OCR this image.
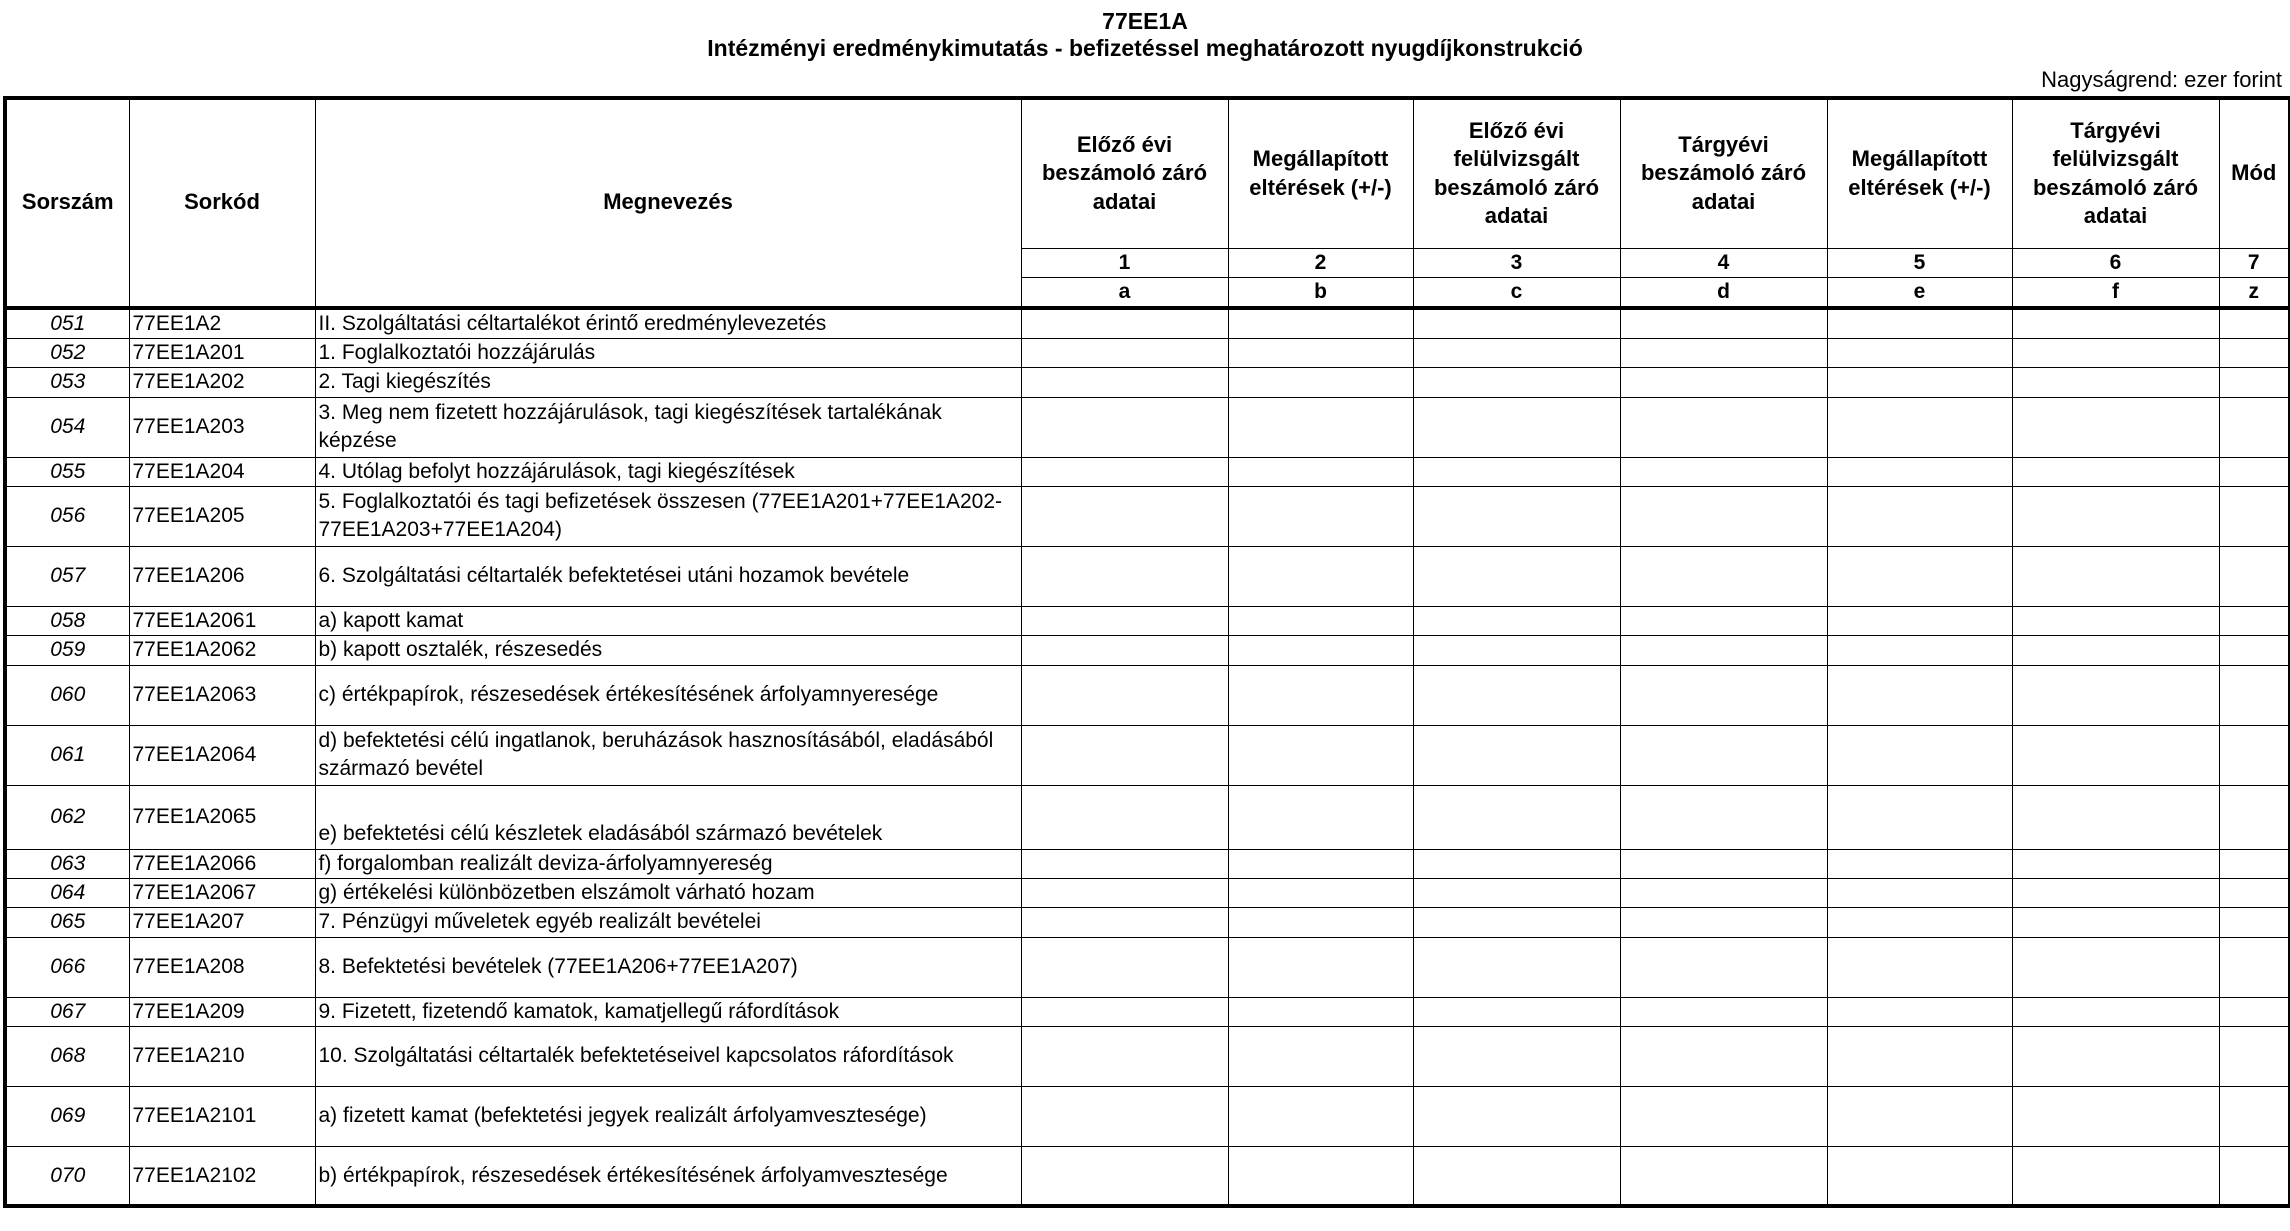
77EE1A
Intézményi eredménykimutatás - befizetéssel meghatározott nyugdíjkonstrukció
Nagyságrend: ezer forint
Sorszám	Sorkód	Megnevezés	Előző évi beszámoló záró adatai	Megállapított eltérések (+/-)	Előző évi felülvizsgált beszámoló záró adatai	Tárgyévi beszámoló záró adatai	Megállapított eltérések (+/-)	Tárgyévi felülvizsgált beszámoló záró adatai	Mód
			1	2	3	4	5	6	7
			a	b	c	d	e	f	z
051	77EE1A2	II. Szolgáltatási céltartalékot érintő eredménylevezetés							
052	77EE1A201	1. Foglalkoztatói hozzájárulás							
053	77EE1A202	2. Tagi kiegészítés							
054	77EE1A203	3. Meg nem fizetett hozzájárulások, tagi kiegészítések tartalékának képzése							
055	77EE1A204	4. Utólag befolyt hozzájárulások, tagi kiegészítések							
056	77EE1A205	5. Foglalkoztatói és tagi befizetések összesen (77EE1A201+77EE1A202-77EE1A203+77EE1A204)							
057	77EE1A206	6. Szolgáltatási céltartalék befektetései utáni hozamok bevétele							
058	77EE1A2061	a) kapott kamat							
059	77EE1A2062	b) kapott osztalék, részesedés							
060	77EE1A2063	c) értékpapírok, részesedések értékesítésének árfolyamnyeresége							
061	77EE1A2064	d) befektetési célú ingatlanok, beruházások hasznosításából, eladásából származó bevétel							
062	77EE1A2065	e) befektetési célú készletek eladásából származó bevételek							
063	77EE1A2066	f) forgalomban realizált deviza-árfolyamnyereség							
064	77EE1A2067	g) értékelési különbözetben elszámolt várható hozam							
065	77EE1A207	7. Pénzügyi műveletek egyéb realizált bevételei							
066	77EE1A208	8. Befektetési bevételek (77EE1A206+77EE1A207)							
067	77EE1A209	9. Fizetett, fizetendő kamatok, kamatjellegű ráfordítások							
068	77EE1A210	10. Szolgáltatási céltartalék befektetéseivel kapcsolatos ráfordítások							
069	77EE1A2101	a) fizetett kamat (befektetési jegyek realizált árfolyamvesztesége)							
070	77EE1A2102	b) értékpapírok, részesedések értékesítésének árfolyamvesztesége							
